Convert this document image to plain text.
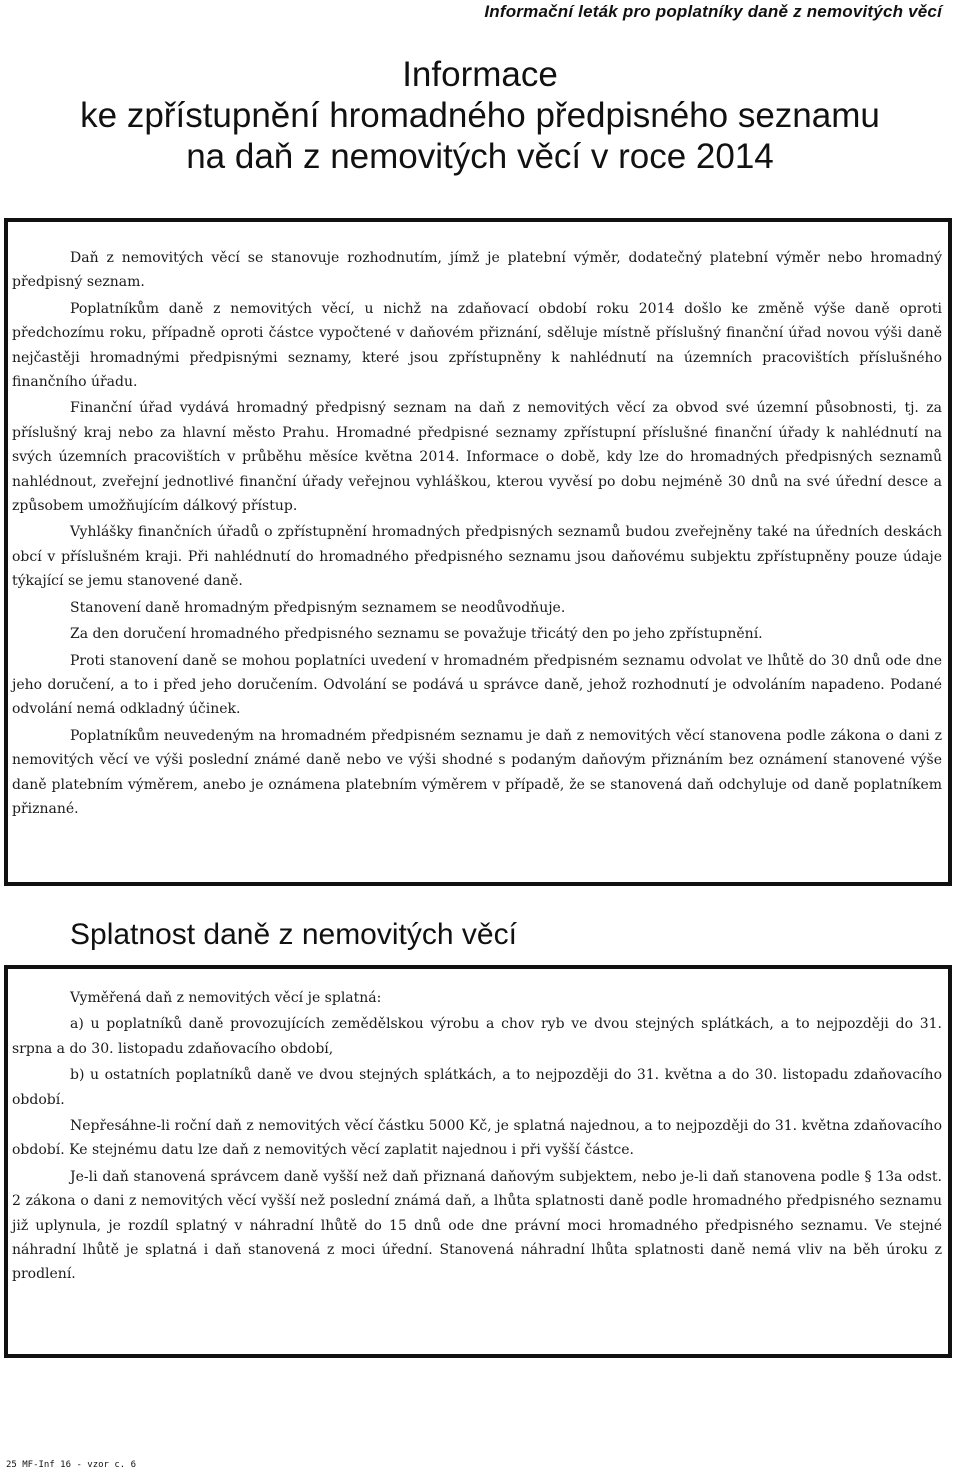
Informační leták pro poplatníky daně z nemovitých věcí
Informace
ke zpřístupnění hromadného předpisného seznamu
na daň z nemovitých věcí v roce 2014

Daň z nemovitých věcí se stanovuje rozhodnutím, jímž je platební výměr, dodatečný platební výměr nebo hromadný předpisný seznam.

Poplatníkům daně z nemovitých věcí, u nichž na zdaňovací období roku 2014 došlo ke změně výše daně oproti předchozímu roku, případně oproti částce vypočtené v daňovém přiznání, sděluje místně příslušný finanční úřad novou výši daně nejčastěji hromadnými předpisnými seznamy, které jsou zpřístupněny k nahlédnutí na územních pracovištích příslušného finančního úřadu.

Finanční úřad vydává hromadný předpisný seznam na daň z nemovitých věcí za obvod své územní působnosti, tj. za příslušný kraj nebo za hlavní město Prahu. Hromadné předpisné seznamy zpřístupní příslušné finanční úřady k nahlédnutí na svých územních pracovištích v průběhu měsíce května 2014. Informace o době, kdy lze do hromadných předpisných seznamů nahlédnout, zveřejní jednotlivé finanční úřady veřejnou vyhláškou, kterou vyvěsí po dobu nejméně 30 dnů na své úřední desce a způsobem umožňujícím dálkový přístup.

Vyhlášky finančních úřadů o zpřístupnění hromadných předpisných seznamů budou zveřejněny také na úředních deskách obcí v příslušném kraji. Při nahlédnutí do hromadného předpisného seznamu jsou daňovému subjektu zpřístupněny pouze údaje týkající se jemu stanovené daně.

Stanovení daně hromadným předpisným seznamem se neodůvodňuje.

Za den doručení hromadného předpisného seznamu se považuje třicátý den po jeho zpřístupnění.

Proti stanovení daně se mohou poplatníci uvedení v hromadném předpisném seznamu odvolat ve lhůtě do 30 dnů ode dne jeho doručení, a to i před jeho doručením. Odvolání se podává u správce daně, jehož rozhodnutí je odvoláním napadeno. Podané odvolání nemá odkladný účinek.

Poplatníkům neuvedeným na hromadném předpisném seznamu je daň z nemovitých věcí stanovena podle zákona o dani z nemovitých věcí ve výši poslední známé daně nebo ve výši shodné s podaným daňovým přiznáním bez oznámení stanovené výše daně platebním výměrem, anebo je oznámena platebním výměrem v případě, že se stanovená daň odchyluje od daně poplatníkem přiznané.

Splatnost daně z nemovitých věcí

Vyměřená daň z nemovitých věcí je splatná:

a) u poplatníků daně provozujících zemědělskou výrobu a chov ryb ve dvou stejných splátkách, a to nejpozději do 31. srpna a do 30. listopadu zdaňovacího období,

b) u ostatních poplatníků daně ve dvou stejných splátkách, a to nejpozději do 31. května a do 30. listopadu zdaňovacího období.

Nepřesáhne-li roční daň z nemovitých věcí částku 5000 Kč, je splatná najednou, a to nejpozději do 31. května zdaňovacího období. Ke stejnému datu lze daň z nemovitých věcí zaplatit najednou i při vyšší částce.

Je-li daň stanovená správcem daně vyšší než daň přiznaná daňovým subjektem, nebo je-li daň stanovena podle § 13a odst. 2 zákona o dani z nemovitých věcí vyšší než poslední známá daň, a lhůta splatnosti daně podle hromadného předpisného seznamu již uplynula, je rozdíl splatný v náhradní lhůtě do 15 dnů ode dne právní moci hromadného předpisného seznamu. Ve stejné náhradní lhůtě je splatná i daň stanovená z moci úřední. Stanovená náhradní lhůta splatnosti daně nemá vliv na běh úroku z prodlení.

25 MF-Inf 16 - vzor c. 6
